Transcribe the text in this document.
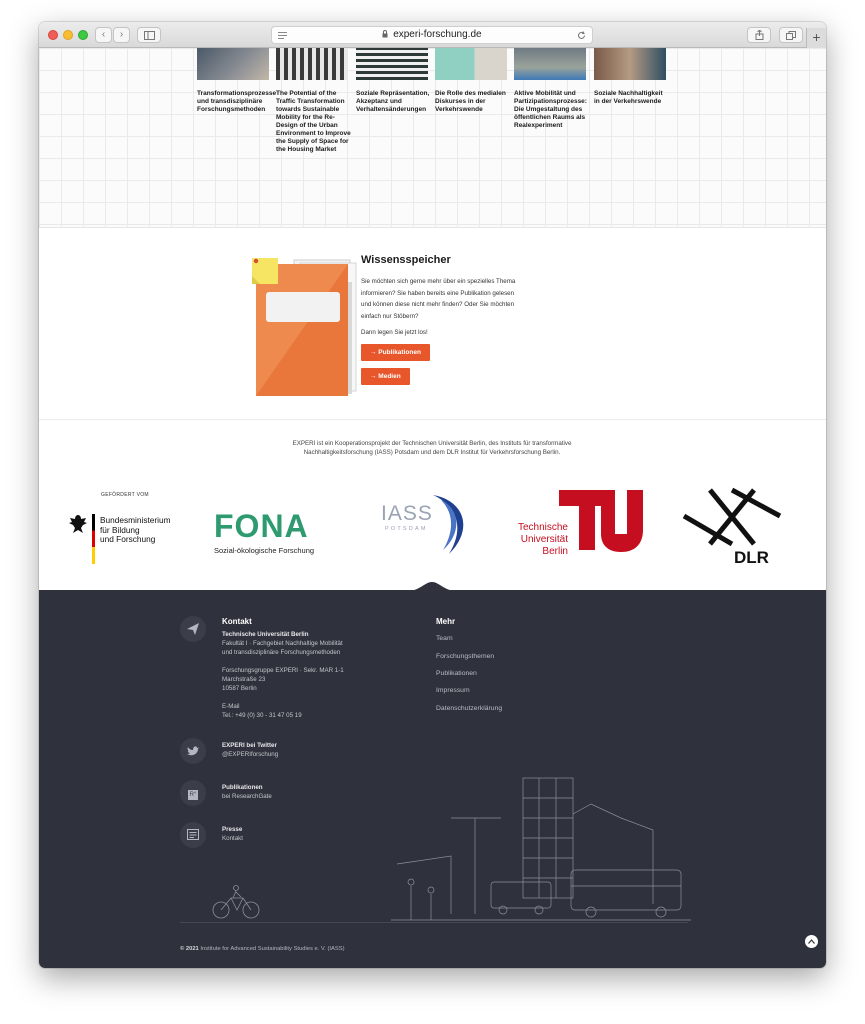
‹	›	experi-forschung.de	+
Transformationsprozesse und transdisziplinäre Forschungsmethoden
The Potential of the Traffic Transformation towards Sustainable Mobility for the Re-Design of the Urban Environment to Improve the Supply of Space for the Housing Market
Soziale Repräsentation, Akzeptanz und Verhaltensänderungen
Die Rolle des medialen Diskurses in der Verkehrswende
Aktive Mobilität und Partizipationsprozesse: Die Umgestaltung des öffentlichen Raums als Realexperiment
Soziale Nachhaltigkeit in der Verkehrswende
Wissensspeicher
Sie möchten sich gerne mehr über ein spezielles Thema informieren? Sie haben bereits eine Publikation gelesen und können diese nicht mehr finden? Oder Sie möchten einfach nur Stöbern?
Dann legen Sie jetzt los!
→ Publikationen
→ Medien
EXPERI ist ein Kooperationsprojekt der Technischen Universität Berlin, des Instituts für transformative Nachhaltigkeitsforschung (IASS) Potsdam und dem DLR Institut für Verkehrsforschung Berlin.
GEFÖRDERT VOM
Bundesministerium
für Bildung
und Forschung	FONA
Sozial-ökologische Forschung
IASS
POTSDAM
berlin
Technische
Universität
Berlin	DLR
Kontakt
Technische Universität Berlin
Fakultät I · Fachgebiet Nachhaltige Mobilität
und transdisziplinäre Forschungsmethoden
Forschungsgruppe EXPERI · Sekr. MAR 1-1
Marchstraße 23
10587 Berlin
E-Mail
Tel.: +49 (0) 30 - 31 47 05 19
EXPERI bei Twitter
@EXPERIforschung
R°
Publikationen
bei ResearchGate
Presse
Kontakt
Mehr
Team
Forschungsthemen
Publikationen
Impressum
Datenschutzerklärung
© 2021 Institute for Advanced Sustainability Studies e. V. (IASS)
